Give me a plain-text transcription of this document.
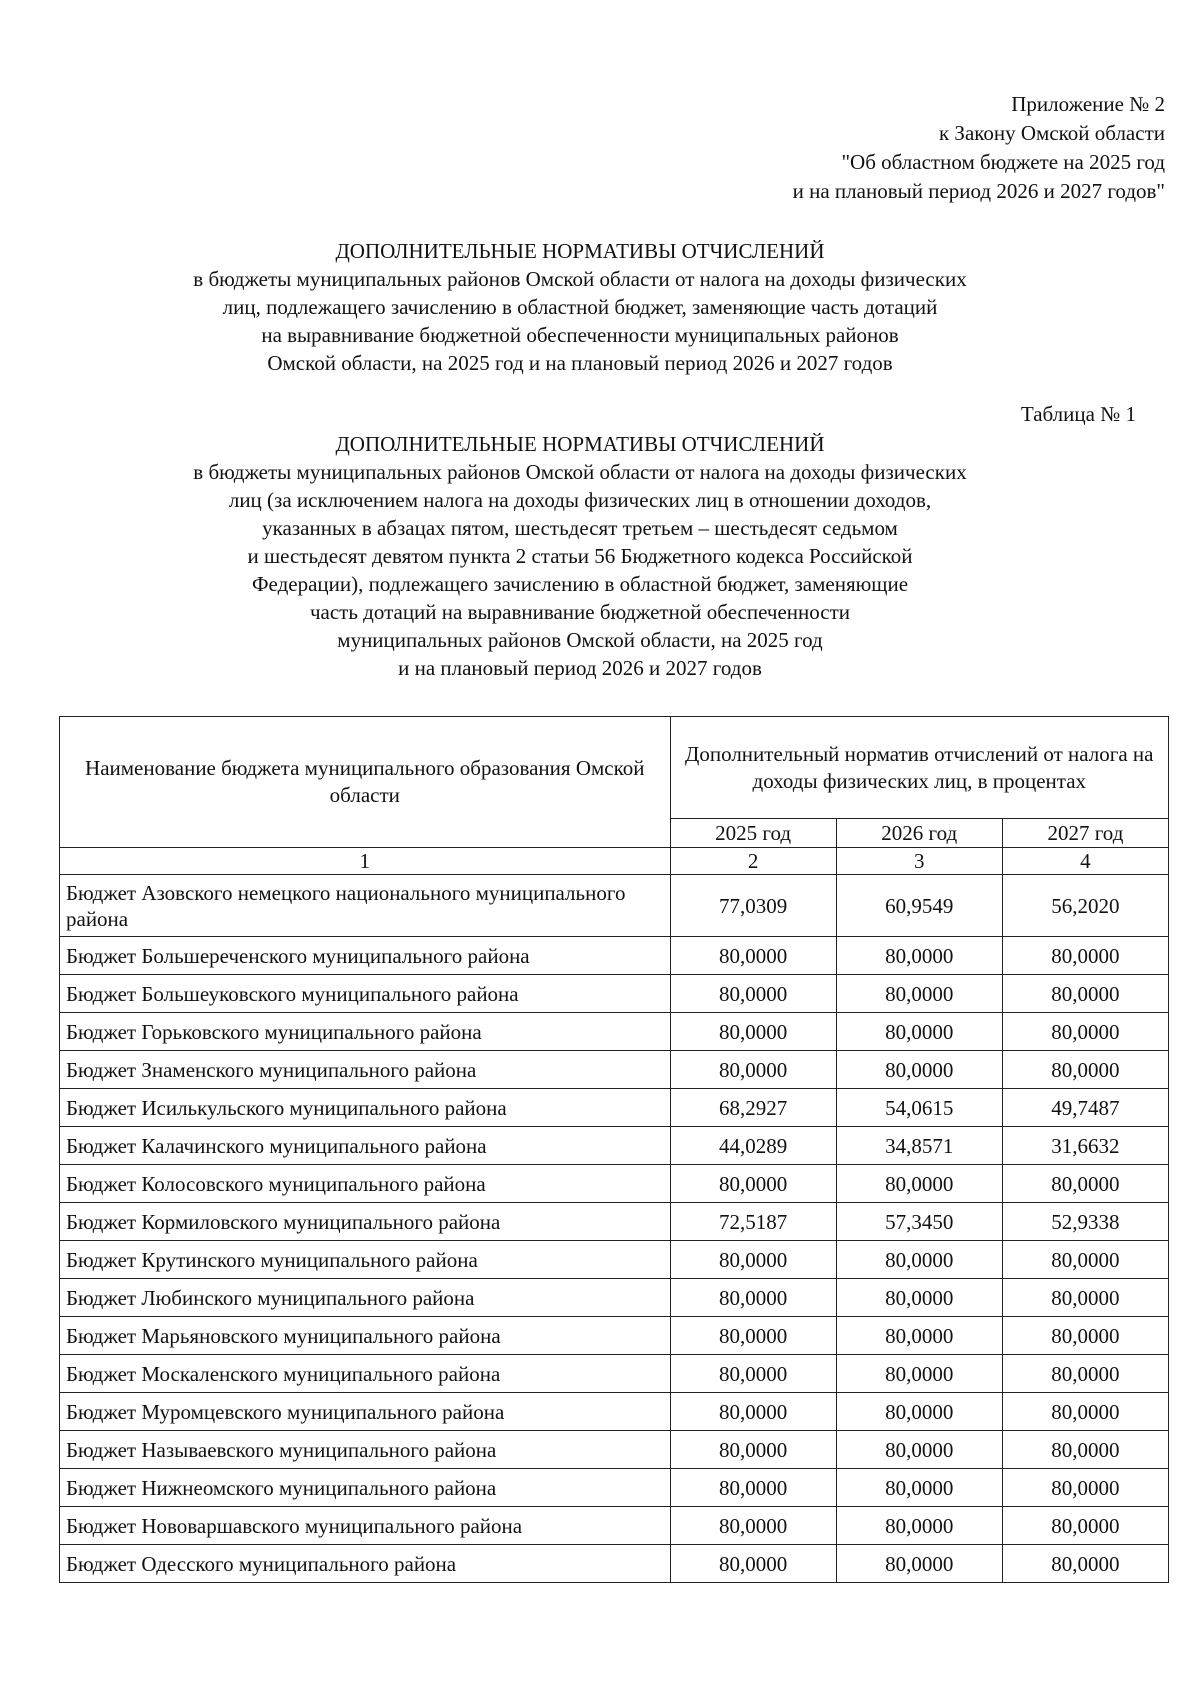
Приложение № 2
к Закону Омской области
"Об областном бюджете на 2025 год
и на плановый период 2026 и 2027 годов"
ДОПОЛНИТЕЛЬНЫЕ НОРМАТИВЫ ОТЧИСЛЕНИЙ
в бюджеты муниципальных районов Омской области от налога на доходы физических
лиц, подлежащего зачислению в областной бюджет, заменяющие часть дотаций
на выравнивание бюджетной обеспеченности муниципальных районов
Омской области, на 2025 год и на плановый период 2026 и 2027 годов
Таблица № 1
ДОПОЛНИТЕЛЬНЫЕ НОРМАТИВЫ ОТЧИСЛЕНИЙ
в бюджеты муниципальных районов Омской области от налога на доходы физических
лиц (за исключением налога на доходы физических лиц в отношении доходов,
указанных в абзацах пятом, шестьдесят третьем – шестьдесят седьмом
и шестьдесят девятом пункта 2 статьи 56 Бюджетного кодекса Российской
Федерации), подлежащего зачислению в областной бюджет, заменяющие
часть дотаций на выравнивание бюджетной обеспеченности
муниципальных районов Омской области, на 2025 год
и на плановый период 2026 и 2027 годов
Наименование бюджета муниципального образования Омской области	Дополнительный норматив отчислений от налога на доходы физических лиц, в процентах		
	2025 год	2026 год	2027 год
1	2	3	4
Бюджет Азовского немецкого национального муниципального района	77,0309	60,9549	56,2020
Бюджет Большереченского муниципального района	80,0000	80,0000	80,0000
Бюджет Большеуковского муниципального района	80,0000	80,0000	80,0000
Бюджет Горьковского муниципального района	80,0000	80,0000	80,0000
Бюджет Знаменского муниципального района	80,0000	80,0000	80,0000
Бюджет Исилькульского муниципального района	68,2927	54,0615	49,7487
Бюджет Калачинского муниципального района	44,0289	34,8571	31,6632
Бюджет Колосовского муниципального района	80,0000	80,0000	80,0000
Бюджет Кормиловского муниципального района	72,5187	57,3450	52,9338
Бюджет Крутинского муниципального района	80,0000	80,0000	80,0000
Бюджет Любинского муниципального района	80,0000	80,0000	80,0000
Бюджет Марьяновского муниципального района	80,0000	80,0000	80,0000
Бюджет Москаленского муниципального района	80,0000	80,0000	80,0000
Бюджет Муромцевского муниципального района	80,0000	80,0000	80,0000
Бюджет Называевского муниципального района	80,0000	80,0000	80,0000
Бюджет Нижнеомского муниципального района	80,0000	80,0000	80,0000
Бюджет Нововаршавского муниципального района	80,0000	80,0000	80,0000
Бюджет Одесского муниципального района	80,0000	80,0000	80,0000
